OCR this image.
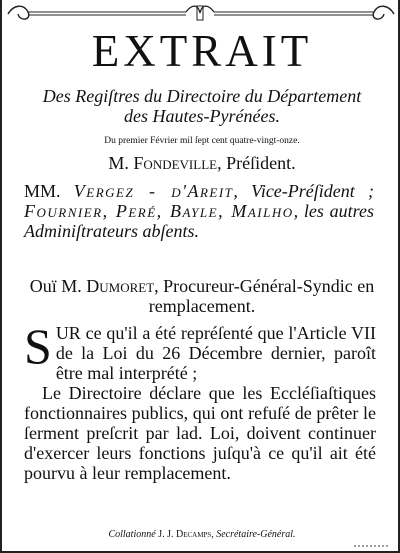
EXTRAIT
Des Regiſtres du Directoire du Département
des Hautes-Pyrénées.
Du premier Février mil ſept cent quatre-vingt-onze.
M. Fondeville, Préſident.
MM. Vergez - d'Areit, Vice-Préſident ; Fournier, Peré, Bayle, Mailho, les autres Adminiſtrateurs abſents.
Ouï M. Dumoret, Procureur-Général-Syndic en remplacement.
SUR ce qu'il a été repréſenté que l'Article VII de la Loi du 26 Décembre dernier, paroît être mal interprété ;
Le Directoire déclare que les Eccléſiaſtiques fonctionnaires publics, qui ont refuſé de prêter le ſerment preſcrit par lad. Loi, doivent continuer d'exercer leurs fonctions juſqu'à ce qu'il ait été pourvu à leur remplacement.
Collationné J. J. Decamps, Secrétaire-Général.
